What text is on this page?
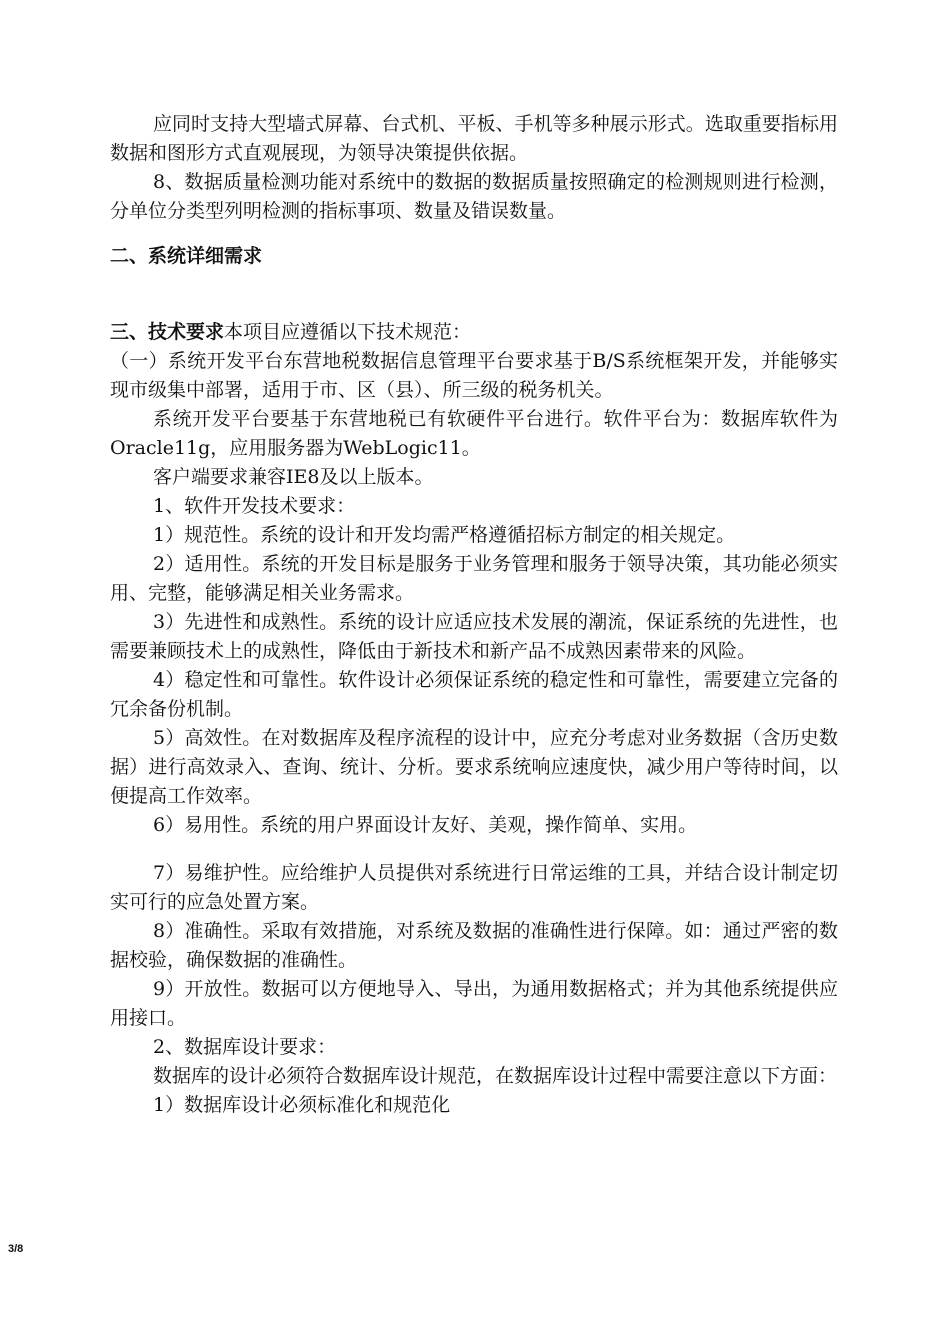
应同时支持大型墙式屏幕、台式机、平板、手机等多种展示形式。选取重要指标用数据和图形方式直观展现，为领导决策提供依据。

8、数据质量检测功能对系统中的数据的数据质量按照确定的检测规则进行检测，分单位分类型列明检测的指标事项、数量及错误数量。

二、系统详细需求

三、技术要求本项目应遵循以下技术规范：

（一）系统开发平台东营地税数据信息管理平台要求基于B/S系统框架开发，并能够实现市级集中部署，适用于市、区（县）、所三级的税务机关。

系统开发平台要基于东营地税已有软硬件平台进行。软件平台为：数据库软件为Oracle11g，应用服务器为WebLogic11。

客户端要求兼容IE8及以上版本。

1、软件开发技术要求：

1）规范性。系统的设计和开发均需严格遵循招标方制定的相关规定。

2）适用性。系统的开发目标是服务于业务管理和服务于领导决策，其功能必须实用、完整，能够满足相关业务需求。

3）先进性和成熟性。系统的设计应适应技术发展的潮流，保证系统的先进性，也需要兼顾技术上的成熟性，降低由于新技术和新产品不成熟因素带来的风险。

4）稳定性和可靠性。软件设计必须保证系统的稳定性和可靠性，需要建立完备的冗余备份机制。

5）高效性。在对数据库及程序流程的设计中，应充分考虑对业务数据（含历史数据）进行高效录入、查询、统计、分析。要求系统响应速度快，减少用户等待时间，以便提高工作效率。

6）易用性。系统的用户界面设计友好、美观，操作简单、实用。

7）易维护性。应给维护人员提供对系统进行日常运维的工具，并结合设计制定切实可行的应急处置方案。

8）准确性。采取有效措施，对系统及数据的准确性进行保障。如：通过严密的数据校验，确保数据的准确性。

9）开放性。数据可以方便地导入、导出，为通用数据格式；并为其他系统提供应用接口。

2、数据库设计要求：

数据库的设计必须符合数据库设计规范，在数据库设计过程中需要注意以下方面：

1）数据库设计必须标准化和规范化

3/8
